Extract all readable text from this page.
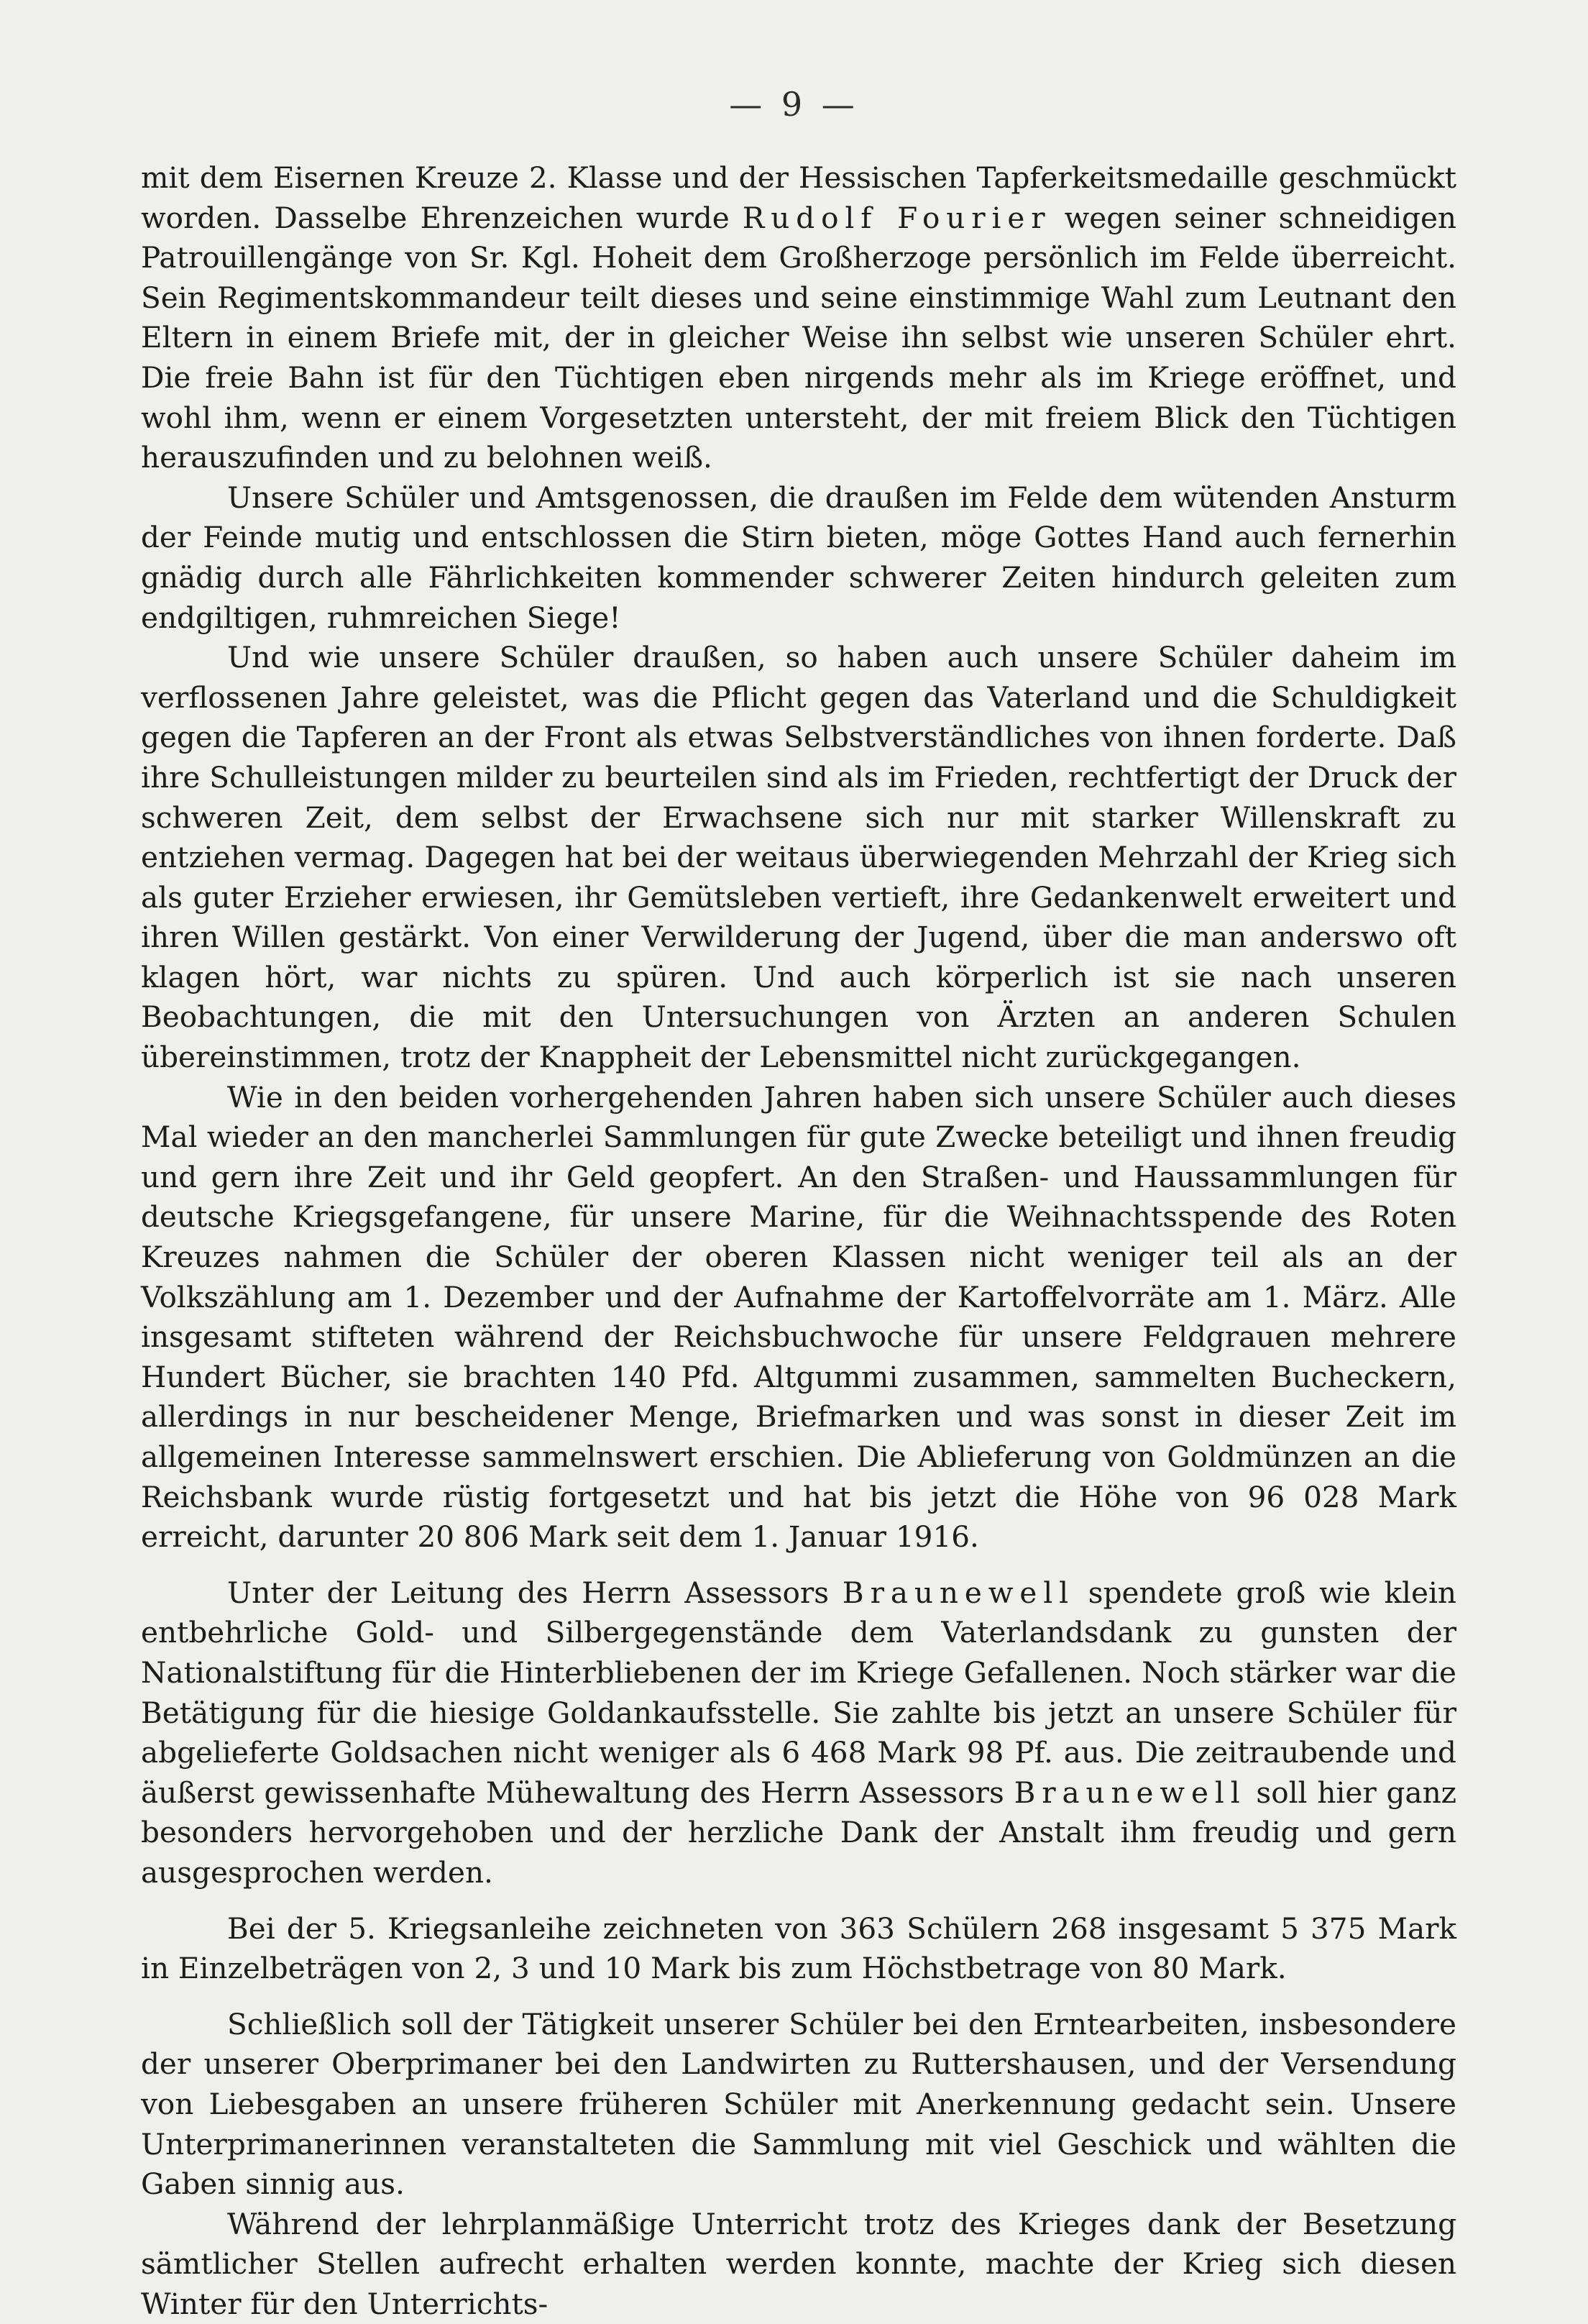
— 9 —

mit dem Eisernen Kreuze 2. Klasse und der Hessischen Tapferkeitsmedaille geschmückt worden. Dasselbe Ehrenzeichen wurde Rudolf Fourier wegen seiner schneidigen Patrouillengänge von Sr. Kgl. Hoheit dem Großherzoge persönlich im Felde überreicht. Sein Regimentskommandeur teilt dieses und seine einstimmige Wahl zum Leutnant den Eltern in einem Briefe mit, der in gleicher Weise ihn selbst wie unseren Schüler ehrt. Die freie Bahn ist für den Tüchtigen eben nirgends mehr als im Kriege eröffnet, und wohl ihm, wenn er einem Vorgesetzten untersteht, der mit freiem Blick den Tüchtigen herauszufinden und zu belohnen weiß.

Unsere Schüler und Amtsgenossen, die draußen im Felde dem wütenden Ansturm der Feinde mutig und entschlossen die Stirn bieten, möge Gottes Hand auch fernerhin gnädig durch alle Fährlichkeiten kommender schwerer Zeiten hindurch geleiten zum endgiltigen, ruhmreichen Siege!

Und wie unsere Schüler draußen, so haben auch unsere Schüler daheim im verflossenen Jahre geleistet, was die Pflicht gegen das Vaterland und die Schuldigkeit gegen die Tapferen an der Front als etwas Selbstverständliches von ihnen forderte. Daß ihre Schulleistungen milder zu beurteilen sind als im Frieden, rechtfertigt der Druck der schweren Zeit, dem selbst der Erwachsene sich nur mit starker Willenskraft zu entziehen vermag. Dagegen hat bei der weitaus überwiegenden Mehrzahl der Krieg sich als guter Erzieher erwiesen, ihr Gemütsleben vertieft, ihre Gedankenwelt erweitert und ihren Willen gestärkt. Von einer Verwilderung der Jugend, über die man anderswo oft klagen hört, war nichts zu spüren. Und auch körperlich ist sie nach unseren Beobachtungen, die mit den Untersuchungen von Ärzten an anderen Schulen übereinstimmen, trotz der Knappheit der Lebensmittel nicht zurückgegangen.

Wie in den beiden vorhergehenden Jahren haben sich unsere Schüler auch dieses Mal wieder an den mancherlei Sammlungen für gute Zwecke beteiligt und ihnen freudig und gern ihre Zeit und ihr Geld geopfert. An den Straßen- und Haussammlungen für deutsche Kriegsgefangene, für unsere Marine, für die Weihnachtsspende des Roten Kreuzes nahmen die Schüler der oberen Klassen nicht weniger teil als an der Volkszählung am 1. Dezember und der Aufnahme der Kartoffelvorräte am 1. März. Alle insgesamt stifteten während der Reichsbuchwoche für unsere Feldgrauen mehrere Hundert Bücher, sie brachten 140 Pfd. Altgummi zusammen, sammelten Bucheckern, allerdings in nur bescheidener Menge, Briefmarken und was sonst in dieser Zeit im allgemeinen Interesse sammelnswert erschien. Die Ablieferung von Goldmünzen an die Reichsbank wurde rüstig fortgesetzt und hat bis jetzt die Höhe von 96 028 Mark erreicht, darunter 20 806 Mark seit dem 1. Januar 1916.

Unter der Leitung des Herrn Assessors Braunewell spendete groß wie klein entbehrliche Gold- und Silbergegenstände dem Vaterlandsdank zu gunsten der Nationalstiftung für die Hinterbliebenen der im Kriege Gefallenen. Noch stärker war die Betätigung für die hiesige Goldankaufsstelle. Sie zahlte bis jetzt an unsere Schüler für abgelieferte Goldsachen nicht weniger als 6 468 Mark 98 Pf. aus. Die zeitraubende und äußerst gewissenhafte Mühewaltung des Herrn Assessors Braunewell soll hier ganz besonders hervorgehoben und der herzliche Dank der Anstalt ihm freudig und gern ausgesprochen werden.

Bei der 5. Kriegsanleihe zeichneten von 363 Schülern 268 insgesamt 5 375 Mark in Einzelbeträgen von 2, 3 und 10 Mark bis zum Höchstbetrage von 80 Mark.

Schließlich soll der Tätigkeit unserer Schüler bei den Erntearbeiten, insbesondere der unserer Oberprimaner bei den Landwirten zu Ruttershausen, und der Versendung von Liebesgaben an unsere früheren Schüler mit Anerkennung gedacht sein. Unsere Unterprimanerinnen veranstalteten die Sammlung mit viel Geschick und wählten die Gaben sinnig aus.

Während der lehrplanmäßige Unterricht trotz des Krieges dank der Besetzung sämtlicher Stellen aufrecht erhalten werden konnte, machte der Krieg sich diesen Winter für den Unterrichts-
